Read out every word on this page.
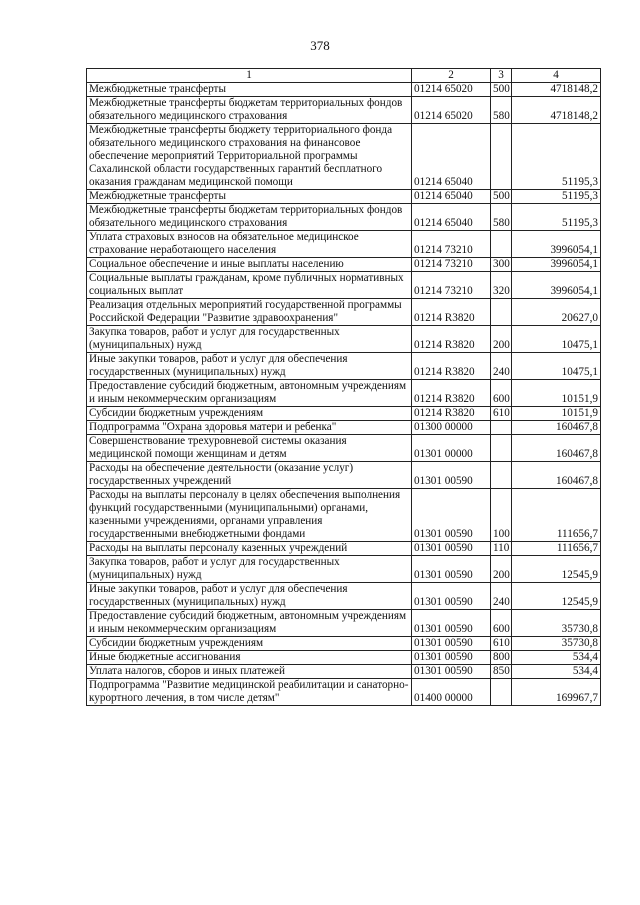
378
1	2	3	4
Межбюджетные трансферты	01214 65020	500	4718148,2
Межбюджетные трансферты бюджетам территориальных фондов обязательного медицинского страхования	01214 65020	580	4718148,2
Межбюджетные трансферты бюджету территориального фонда обязательного медицинского страхования на финансовое обеспечение мероприятий Территориальной программы Сахалинской области государственных гарантий бесплатного оказания гражданам медицинской помощи	01214 65040		51195,3
Межбюджетные трансферты	01214 65040	500	51195,3
Межбюджетные трансферты бюджетам территориальных фондов обязательного медицинского страхования	01214 65040	580	51195,3
Уплата страховых взносов на обязательное медицинское страхование неработающего населения	01214 73210		3996054,1
Социальное обеспечение и иные выплаты населению	01214 73210	300	3996054,1
Социальные выплаты гражданам, кроме публичных нормативных социальных выплат	01214 73210	320	3996054,1
Реализация отдельных мероприятий государственной программы Российской Федерации "Развитие здравоохранения"	01214 R3820		20627,0
Закупка товаров, работ и услуг для государственных (муниципальных) нужд	01214 R3820	200	10475,1
Иные закупки товаров, работ и услуг для обеспечения государственных (муниципальных) нужд	01214 R3820	240	10475,1
Предоставление субсидий бюджетным, автономным учреждениям и иным некоммерческим организациям	01214 R3820	600	10151,9
Субсидии бюджетным учреждениям	01214 R3820	610	10151,9
Подпрограмма "Охрана здоровья матери и ребенка"	01300 00000		160467,8
Совершенствование трехуровневой системы оказания медицинской помощи женщинам и детям	01301 00000		160467,8
Расходы на обеспечение деятельности (оказание услуг) государственных учреждений	01301 00590		160467,8
Расходы на выплаты персоналу в целях обеспечения выполнения функций государственными (муниципальными) органами, казенными учреждениями, органами управления государственными внебюджетными фондами	01301 00590	100	111656,7
Расходы на выплаты персоналу казенных учреждений	01301 00590	110	111656,7
Закупка товаров, работ и услуг для государственных (муниципальных) нужд	01301 00590	200	12545,9
Иные закупки товаров, работ и услуг для обеспечения государственных (муниципальных) нужд	01301 00590	240	12545,9
Предоставление субсидий бюджетным, автономным учреждениям и иным некоммерческим организациям	01301 00590	600	35730,8
Субсидии бюджетным учреждениям	01301 00590	610	35730,8
Иные бюджетные ассигнования	01301 00590	800	534,4
Уплата налогов, сборов и иных платежей	01301 00590	850	534,4
Подпрограмма "Развитие медицинской реабилитации и санаторно-курортного лечения, в том числе детям"	01400 00000		169967,7
